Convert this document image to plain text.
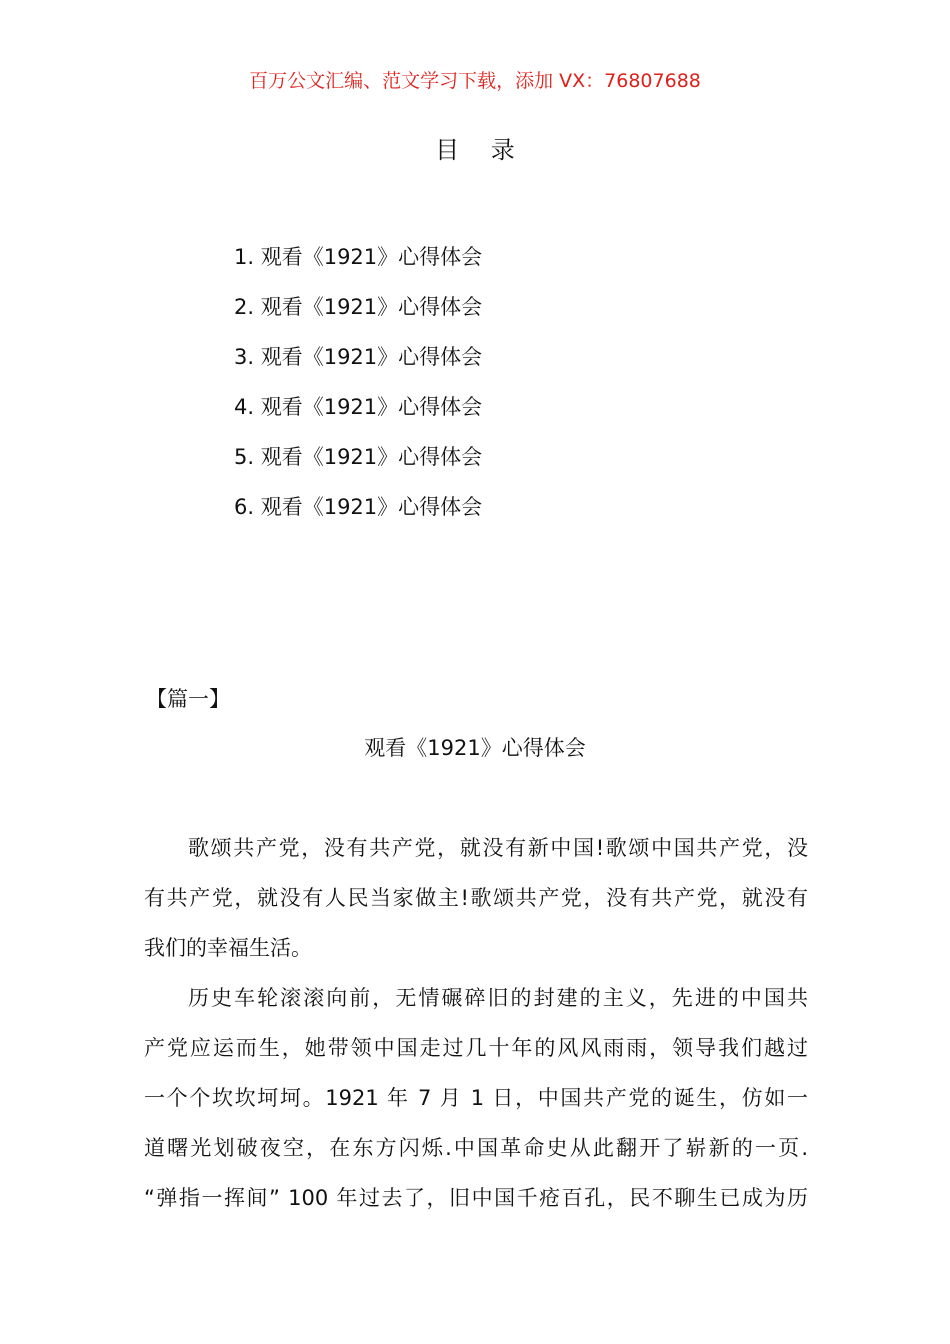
百万公文汇编、范文学习下载，添加 VX：76807688
目 录
1. 观看《1921》心得体会
2. 观看《1921》心得体会
3. 观看《1921》心得体会
4. 观看《1921》心得体会
5. 观看《1921》心得体会
6. 观看《1921》心得体会
【篇一】
观看《1921》心得体会
歌颂共产党，没有共产党，就没有新中国!歌颂中国共产党，没
有共产党，就没有人民当家做主!歌颂共产党，没有共产党，就没有
我们的幸福生活。
历史车轮滚滚向前，无情碾碎旧的封建的主义，先进的中国共
产党应运而生，她带领中国走过几十年的风风雨雨，领导我们越过
一个个坎坎坷坷。1921 年 7 月 1 日，中国共产党的诞生，仿如一
道曙光划破夜空，在东方闪烁.中国革命史从此翻开了崭新的一页.
“弹指一挥间” 100 年过去了，旧中国千疮百孔，民不聊生已成为历
